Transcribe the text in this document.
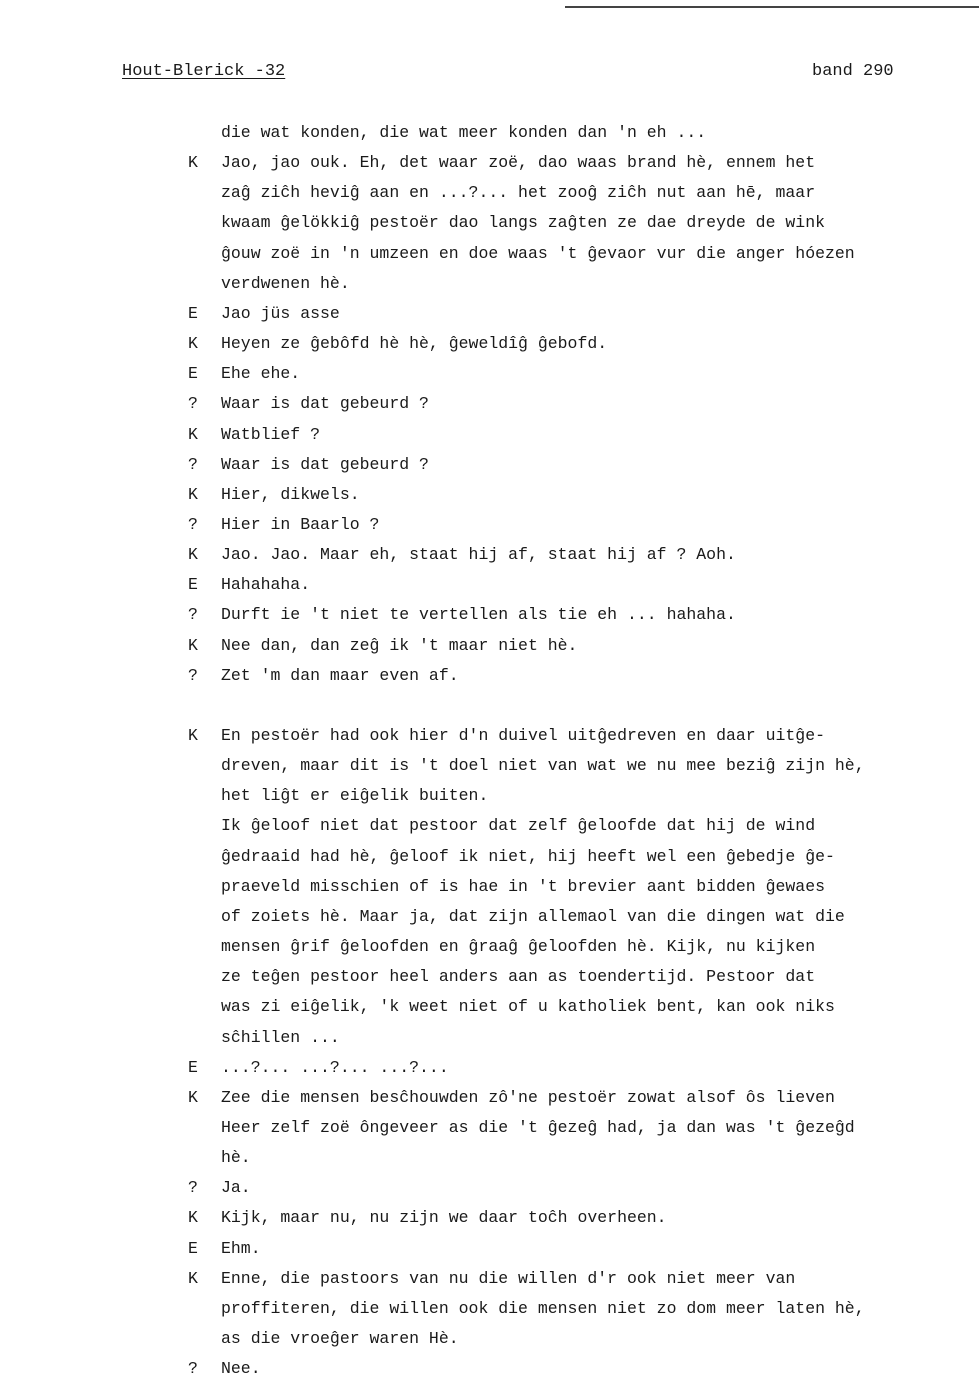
Hout-Blerick -32	band 290
die wat konden, die wat meer konden dan 'n eh ...
K	Jao, jao ouk. Eh, det waar zoë, dao waas brand hè, ennem het
zaĝ ziĉh heviĝ aan en ...?... het zooĝ ziĉh nut aan hē, maar
kwaam ĝelökkiĝ pestoër dao langs zaĝten ze dae dreyde de wink
ĝouw zoë in 'n umzeen en doe waas 't ĝevaor vur die anger hóezen
verdwenen hè.
E	Jao jüs asse
K	Heyen ze ĝebôfd hè hè, ĝeweldîĝ ĝebofd.
E	Ehe ehe.
?	Waar is dat gebeurd ?
K	Watblief ?
?	Waar is dat gebeurd ?
K	Hier, dikwels.
?	Hier in Baarlo ?
K	Jao. Jao. Maar eh, staat hij af, staat hij af ? Aoh.
E	Hahahaha.
?	Durft ie 't niet te vertellen als tie eh ... hahaha.
K	Nee dan, dan zeĝ ik 't maar niet hè.
?	Zet 'm dan maar even af.
K	En pestoër had ook hier d'n duivel uitĝedreven en daar uitĝe-
dreven, maar dit is 't doel niet van wat we nu mee beziĝ zijn hè,
het liĝt er eiĝelik buiten.
Ik ĝeloof niet dat pestoor dat zelf ĝeloofde dat hij de wind
ĝedraaid had hè, ĝeloof ik niet, hij heeft wel een ĝebedje ĝe-
praeveld misschien of is hae in 't brevier aant bidden ĝewaes
of zoiets hè. Maar ja, dat zijn allemaol van die dingen wat die
mensen ĝrif ĝeloofden en ĝraaĝ ĝeloofden hè. Kijk, nu kijken
ze teĝen pestoor heel anders aan as toendertijd. Pestoor dat
was zi eiĝelik, 'k weet niet of u katholiek bent, kan ook niks
sĉhillen ...
E	...?... ...?... ...?...
K	Zee die mensen besĉhouwden zô'ne pestoër zowat alsof ôs lieven
Heer zelf zoë ôngeveer as die 't ĝezeĝ had, ja dan was 't ĝezeĝd
hè.
?	Ja.
K	Kijk, maar nu, nu zijn we daar toĉh overheen.
E	Ehm.
K	Enne, die pastoors van nu die willen d'r ook niet meer van
proffiteren, die willen ook die mensen niet zo dom meer laten hè,
as die vroeĝer waren Hè.
?	Nee.
